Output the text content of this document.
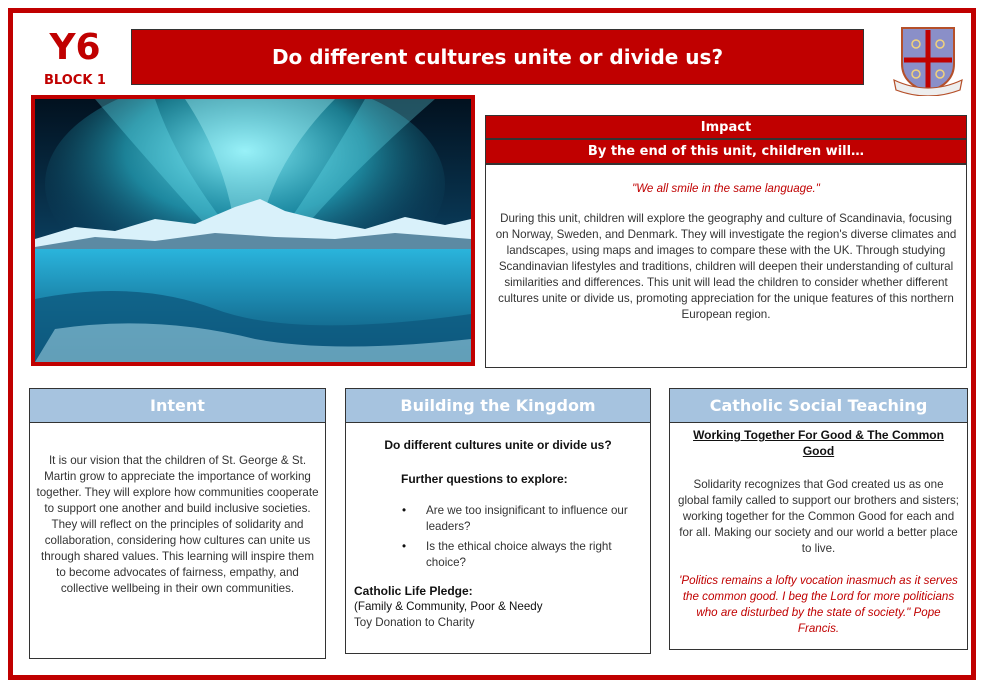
Y6
BLOCK 1
Do different cultures unite or divide us?
Impact
By the end of this unit, children will…

"We all smile in the same language."

During this unit, children will explore the geography and culture of Scandinavia, focusing on Norway, Sweden, and Denmark. They will investigate the region's diverse climates and landscapes, using maps and images to compare these with the UK. Through studying Scandinavian lifestyles and traditions, children will deepen their understanding of cultural similarities and differences. This unit will lead the children to consider whether different cultures unite or divide us, promoting appreciation for the unique features of this northern European region.

Intent

It is our vision that the children of St. George & St. Martin grow to appreciate the importance of working together. They will explore how communities cooperate to support one another and build inclusive societies. They will reflect on the principles of solidarity and collaboration, considering how cultures can unite us through shared values. This learning will inspire them to become advocates of fairness, empathy, and collective wellbeing in their own communities.

Building the Kingdom

Do different cultures unite or divide us?

Further questions to explore:

• Are we too insignificant to influence our leaders?
• Is the ethical choice always the right choice?

Catholic Life Pledge:

(Family & Community, Poor & Needy

Toy Donation to Charity

Catholic Social Teaching

Working Together For Good & The Common Good

Solidarity recognizes that God created us as one global family called to support our brothers and sisters; working together for the Common Good for each and for all. Making our society and our world a better place to live.

'Politics remains a lofty vocation inasmuch as it serves the common good. I beg the Lord for more politicians who are disturbed by the state of society." Pope Francis.
